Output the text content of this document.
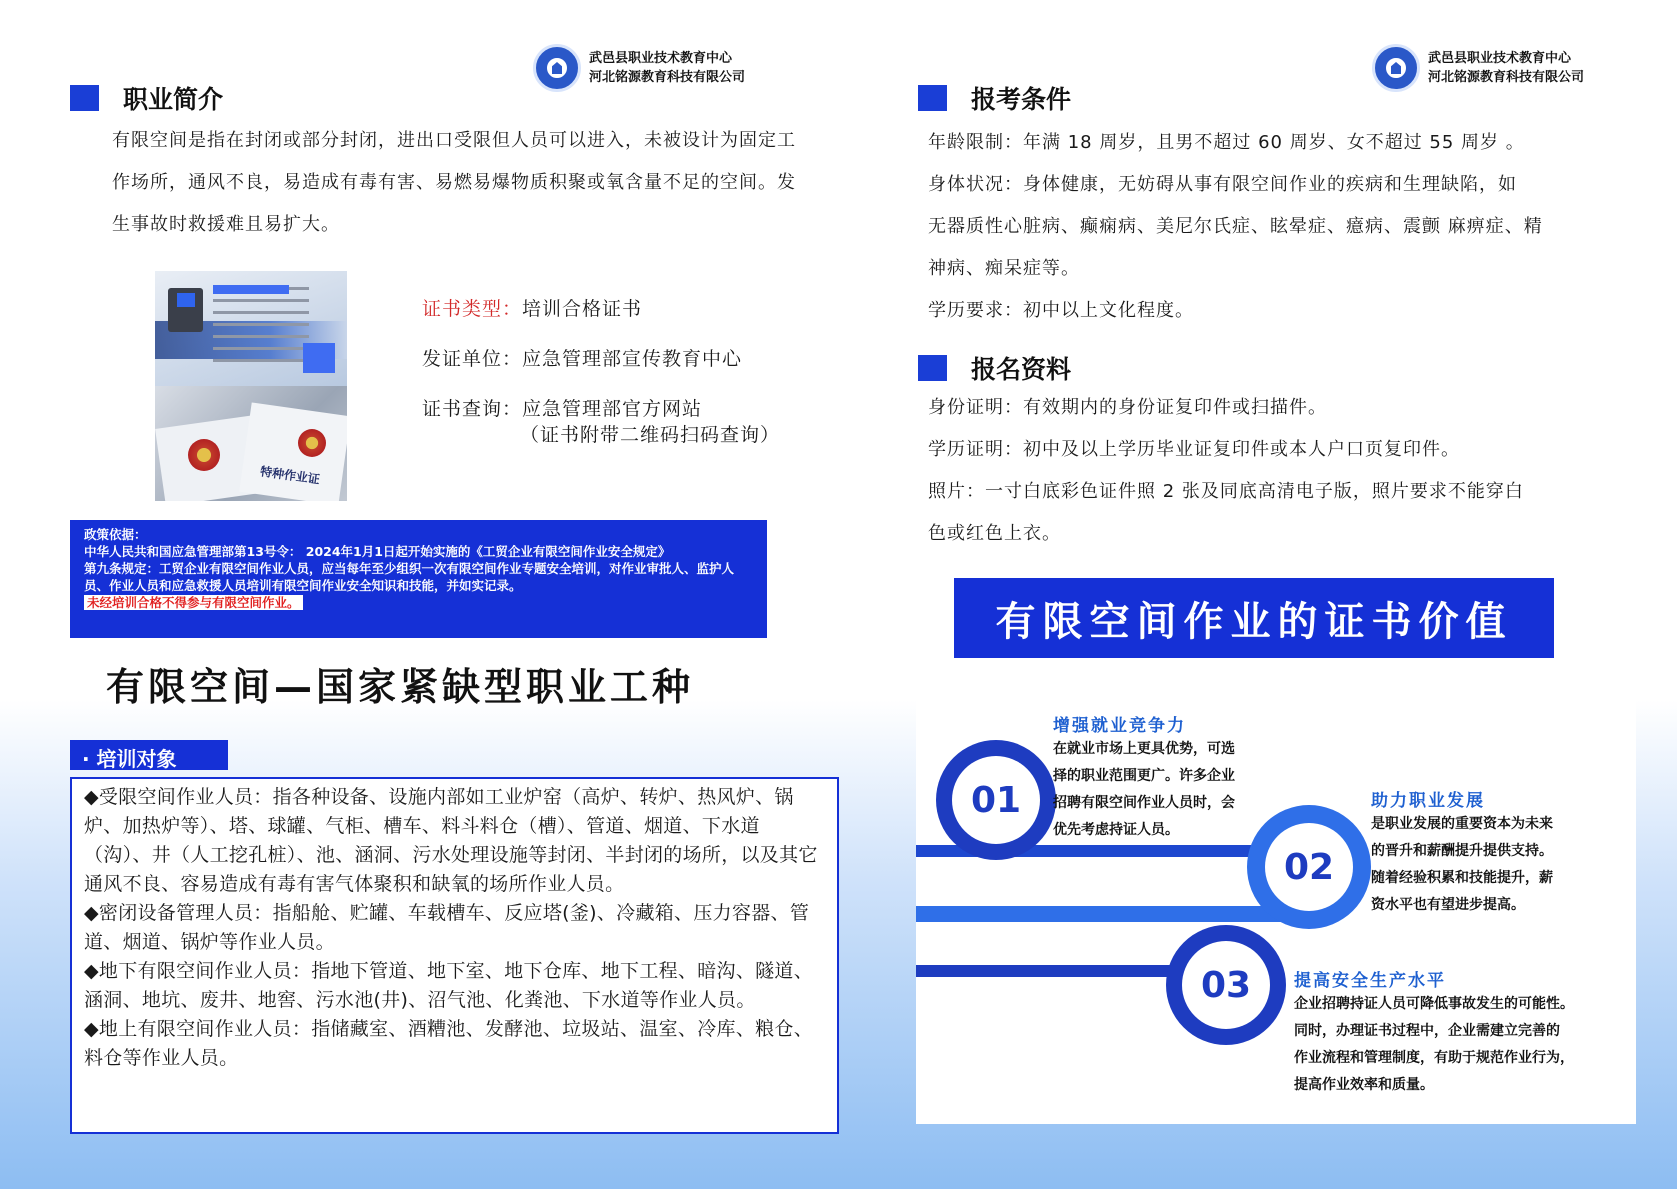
武邑县职业技术教育中心
河北铭源教育科技有限公司
职业简介
有限空间是指在封闭或部分封闭，进出口受限但人员可以进入，未被设计为固定工作场所，通风不良，易造成有毒有害、易燃易爆物质积聚或氧含量不足的空间。发生事故时救援难且易扩大。
特种作业证
证书类型：培训合格证书
发证单位：应急管理部宣传教育中心
证书查询：应急管理部官方网站
（证书附带二维码扫码查询）
政策依据：
中华人民共和国应急管理部第13号令： 2024年1月1日起开始实施的《工贸企业有限空间作业安全规定》
第九条规定：工贸企业有限空间作业人员，应当每年至少组织一次有限空间作业专题安全培训，对作业审批人、监护人员、作业人员和应急救援人员培训有限空间作业安全知识和技能，并如实记录。
未经培训合格不得参与有限空间作业。
有限空间—国家紧缺型职业工种
· 培训对象

◆受限空间作业人员：指各种设备、设施内部如工业炉窑（高炉、转炉、热风炉、锅炉、加热炉等）、塔、球罐、气柜、槽车、料斗料仓（槽）、管道、烟道、下水道（沟）、井（人工挖孔桩）、池、涵洞、污水处理设施等封闭、半封闭的场所，以及其它通风不良、容易造成有毒有害气体聚积和缺氧的场所作业人员。

◆密闭设备管理人员：指船舱、贮罐、车载槽车、反应塔(釜)、冷藏箱、压力容器、管道、烟道、锅炉等作业人员。

◆地下有限空间作业人员：指地下管道、地下室、地下仓库、地下工程、暗沟、隧道、涵洞、地坑、废井、地窖、污水池(井)、沼气池、化粪池、下水道等作业人员。

◆地上有限空间作业人员：指储藏室、酒糟池、发酵池、垃圾站、温室、冷库、粮仓、料仓等作业人员。

武邑县职业技术教育中心
河北铭源教育科技有限公司
报考条件
年龄限制：年满 18 周岁，且男不超过 60 周岁、女不超过 55 周岁 。
身体状况：身体健康，无妨碍从事有限空间作业的疾病和生理缺陷，如
无器质性心脏病、癫痫病、美尼尔氏症、眩晕症、癔病、震颤 麻痹症、精
神病、痴呆症等。
学历要求：初中以上文化程度。
报名资料
身份证明：有效期内的身份证复印件或扫描件。
学历证明：初中及以上学历毕业证复印件或本人户口页复印件。
照片：一寸白底彩色证件照 2 张及同底高清电子版，照片要求不能穿白
色或红色上衣。
有限空间作业的证书价值
01
02
03
增强就业竞争力
在就业市场上更具优势，可选
择的职业范围更广。许多企业
招聘有限空间作业人员时，会
优先考虑持证人员。
助力职业发展
是职业发展的重要资本为未来
的晋升和薪酬提升提供支持。
随着经验积累和技能提升，薪
资水平也有望进步提高。
提高安全生产水平
企业招聘持证人员可降低事故发生的可能性。
同时，办理证书过程中，企业需建立完善的
作业流程和管理制度，有助于规范作业行为，
提高作业效率和质量。
